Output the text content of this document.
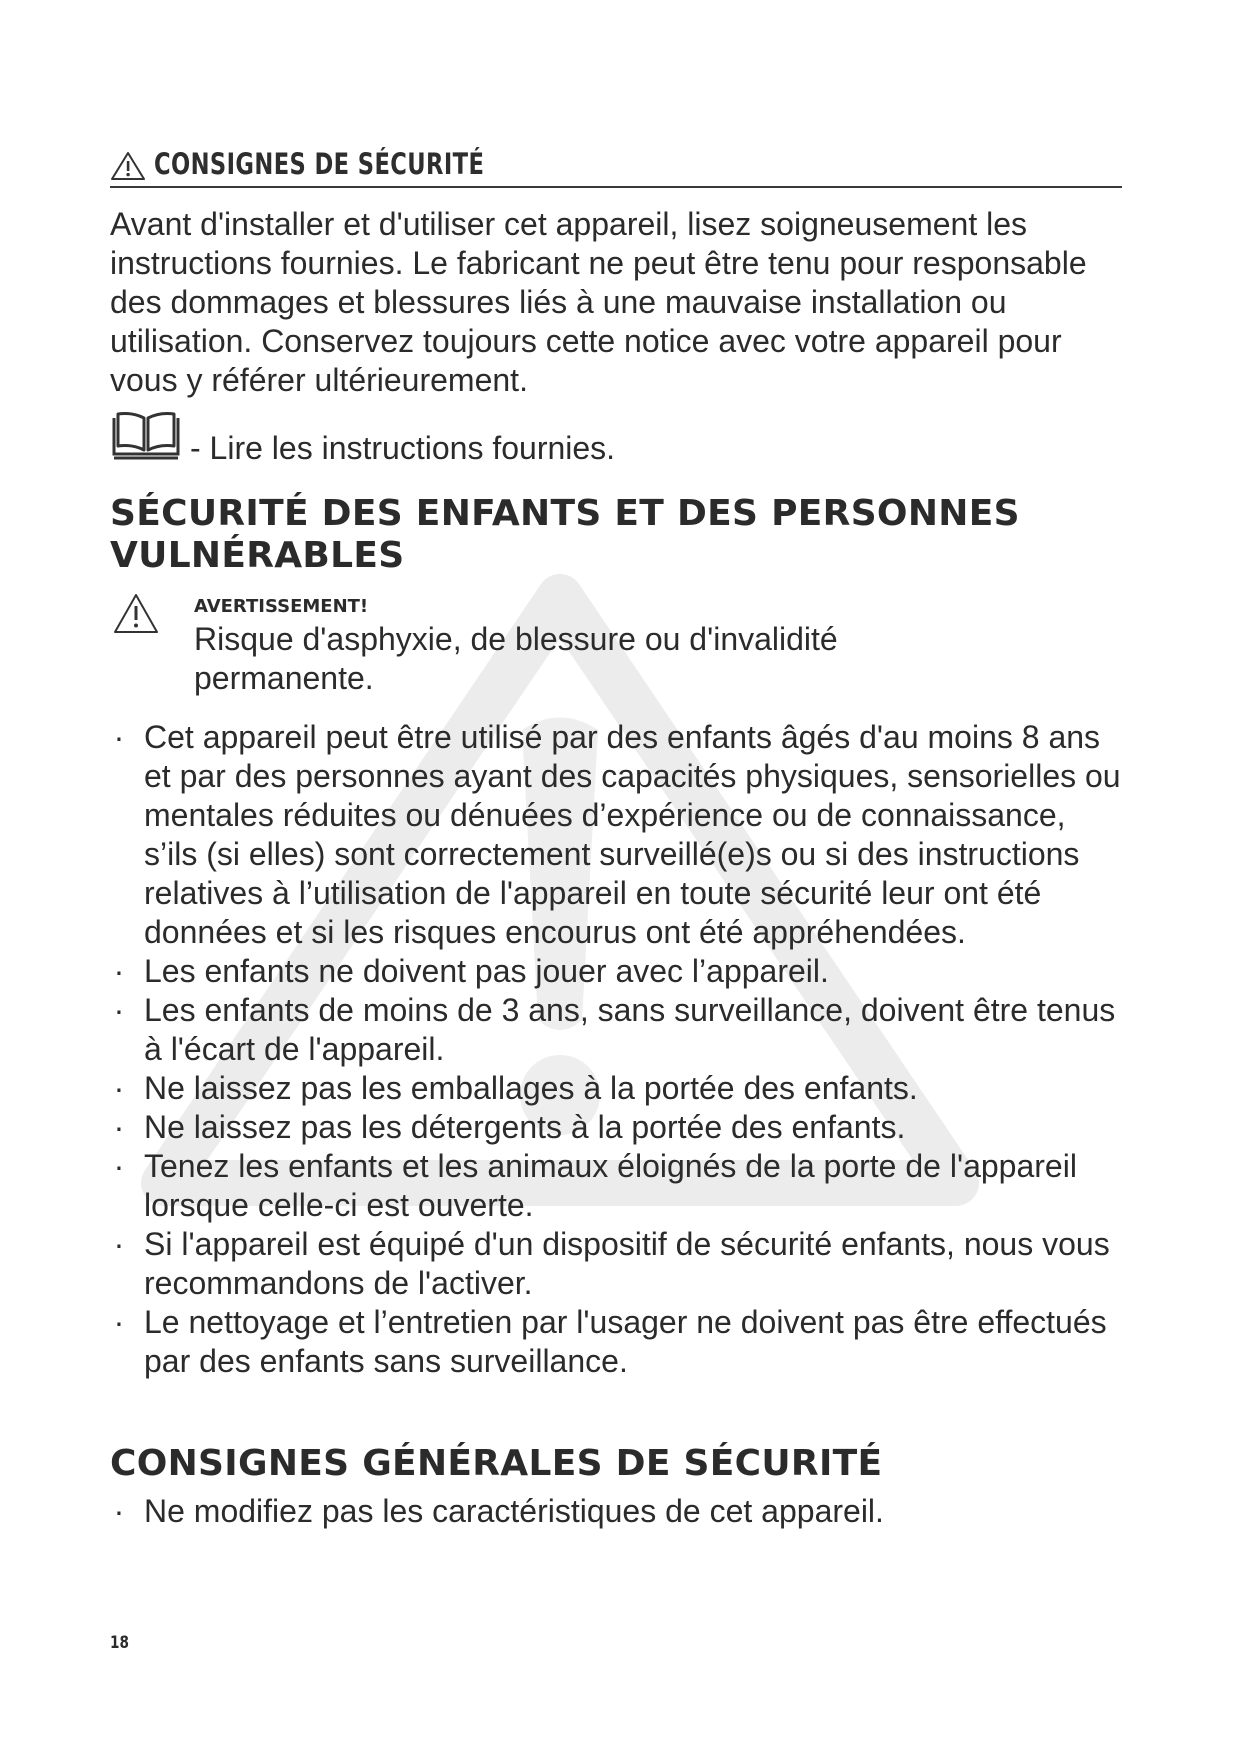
CONSIGNES DE SÉCURITÉ

Avant d'installer et d'utiliser cet appareil, lisez soigneusement les instructions fournies. Le fabricant ne peut être tenu pour responsable des dommages et blessures liés à une mauvaise installation ou utilisation. Conservez toujours cette notice avec votre appareil pour vous y référer ultérieurement.

- Lire les instructions fournies.
SÉCURITÉ DES ENFANTS ET DES PERSONNES VULNÉRABLES
AVERTISSEMENT!

Risque d'asphyxie, de blessure ou d'invalidité permanente.

· Cet appareil peut être utilisé par des enfants âgés d'au moins 8 ans et par des personnes ayant des capacités physiques, sensorielles ou mentales réduites ou dénuées d’expérience ou de connaissance, s’ils (si elles) sont correctement surveillé(e)s ou si des instructions relatives à l’utilisation de l'appareil en toute sécurité leur ont été données et si les risques encourus ont été appréhendées.
· Les enfants ne doivent pas jouer avec l’appareil.
· Les enfants de moins de 3 ans, sans surveillance, doivent être tenus à l'écart de l'appareil.
· Ne laissez pas les emballages à la portée des enfants.
· Ne laissez pas les détergents à la portée des enfants.
· Tenez les enfants et les animaux éloignés de la porte de l'appareil lorsque celle-ci est ouverte.
· Si l'appareil est équipé d'un dispositif de sécurité enfants, nous vous recommandons de l'activer.
· Le nettoyage et l’entretien par l'usager ne doivent pas être effectués par des enfants sans surveillance.
CONSIGNES GÉNÉRALES DE SÉCURITÉ
· Ne modifiez pas les caractéristiques de cet appareil.
18
